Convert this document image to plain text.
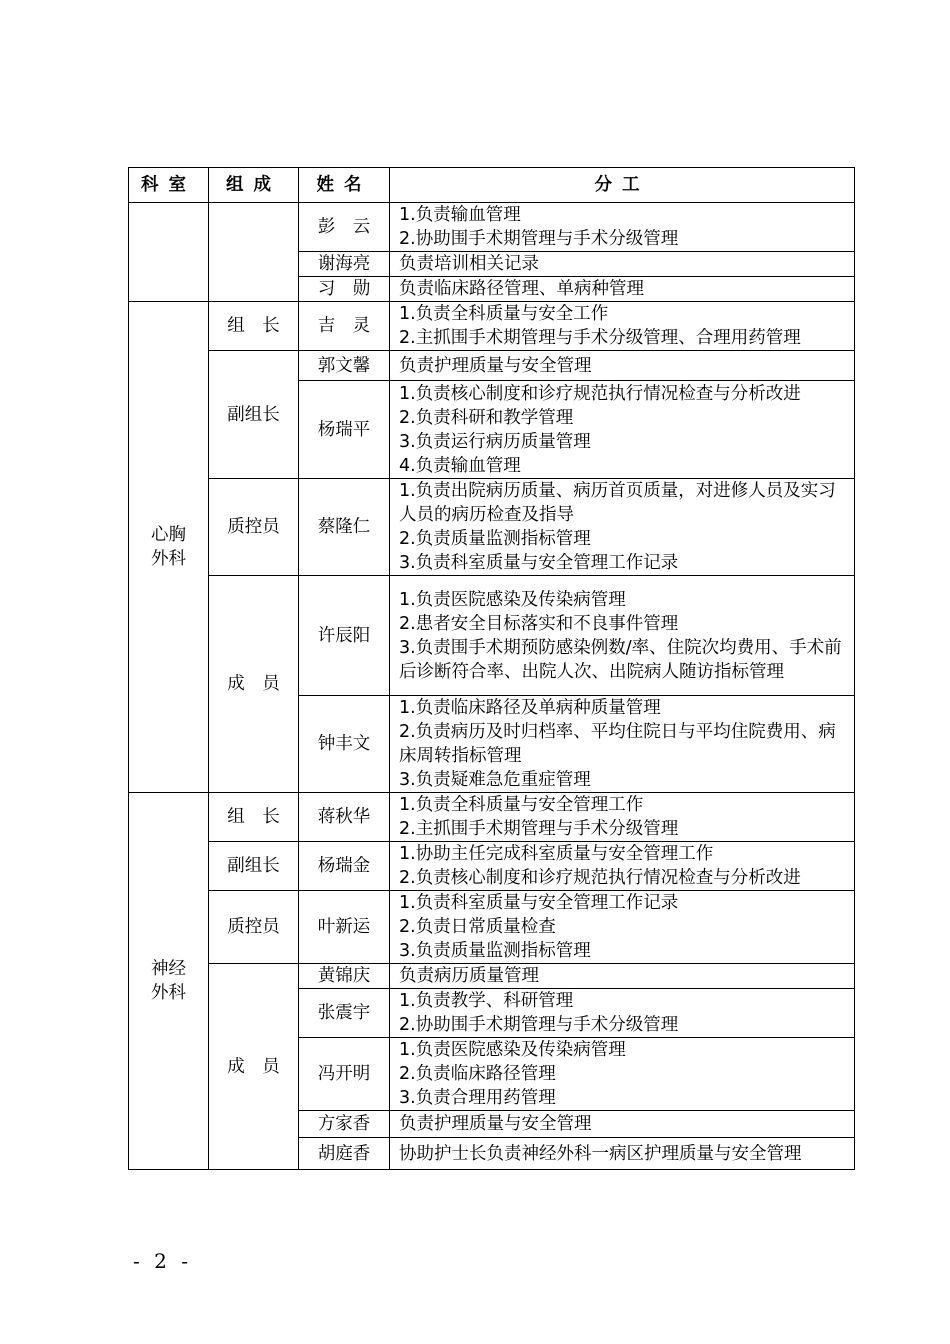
科室	组成	姓名	分工
		彭　云	1.负责输血管理
2.协助围手术期管理与手术分级管理

		谢海亮	负责培训相关记录

		习　勋	负责临床路径管理、单病种管理

心胸
外科	组　长	吉　灵	1.负责全科质量与安全工作
2.主抓围手术期管理与手术分级管理、合理用药管理

	副组长	郭文馨	负责护理质量与安全管理

		杨瑞平	1.负责核心制度和诊疗规范执行情况检查与分析改进
2.负责科研和教学管理
3.负责运行病历质量管理
4.负责输血管理

	质控员	蔡隆仁	1.负责出院病历质量、病历首页质量，对进修人员及实习人员的病历检查及指导
2.负责质量监测指标管理
3.负责科室质量与安全管理工作记录

	成　员	许辰阳	1.负责医院感染及传染病管理
2.患者安全目标落实和不良事件管理
3.负责围手术期预防感染例数/率、住院次均费用、手术前后诊断符合率、出院人次、出院病人随访指标管理

		钟丰文	1.负责临床路径及单病种质量管理
2.负责病历及时归档率、平均住院日与平均住院费用、病床周转指标管理
3.负责疑难急危重症管理

神经
外科	组　长	蒋秋华	1.负责全科质量与安全管理工作
2.主抓围手术期管理与手术分级管理

	副组长	杨瑞金	1.协助主任完成科室质量与安全管理工作
2.负责核心制度和诊疗规范执行情况检查与分析改进

	质控员	叶新运	1.负责科室质量与安全管理工作记录
2.负责日常质量检查
3.负责质量监测指标管理

	成　员	黄锦庆	负责病历质量管理

		张震宇	1.负责教学、科研管理
2.协助围手术期管理与手术分级管理

		冯开明	1.负责医院感染及传染病管理
2.负责临床路径管理
3.负责合理用药管理

		方家香	负责护理质量与安全管理

		胡庭香	协助护士长负责神经外科一病区护理质量与安全管理
- 2 -
